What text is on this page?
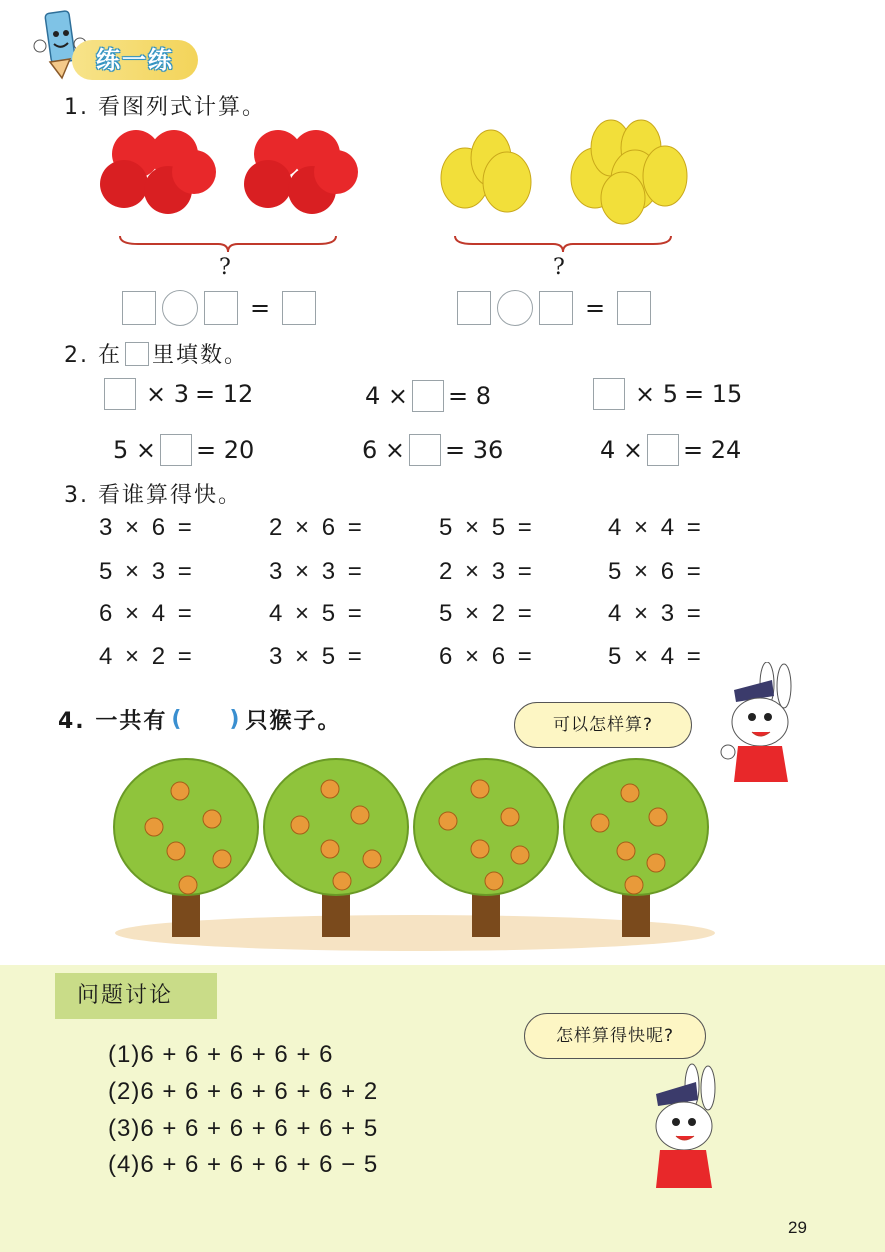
练一练
1. 看图列式计算。
?	?
=	=
2. 在 里填数。
× 3 = 12	4 × = 8	× 5 = 15
5 × = 20	6 × = 36	4 × = 24
3. 看谁算得快。
3 × 6 =	2 × 6 =	5 × 5 =	4 × 4 =
5 × 3 =	3 × 3 =	2 × 3 =	5 × 6 =
6 × 4 =	4 × 5 =	5 × 2 =	4 × 3 =
4 × 2 =	3 × 5 =	6 × 6 =	5 × 4 =
4. 一共有 ( ) 只猴子。	可以怎样算?
问题讨论
(1)6 + 6 + 6 + 6 + 6
(2)6 + 6 + 6 + 6 + 6 + 2
(3)6 + 6 + 6 + 6 + 6 + 5
(4)6 + 6 + 6 + 6 + 6 − 5
怎样算得快呢?
29
